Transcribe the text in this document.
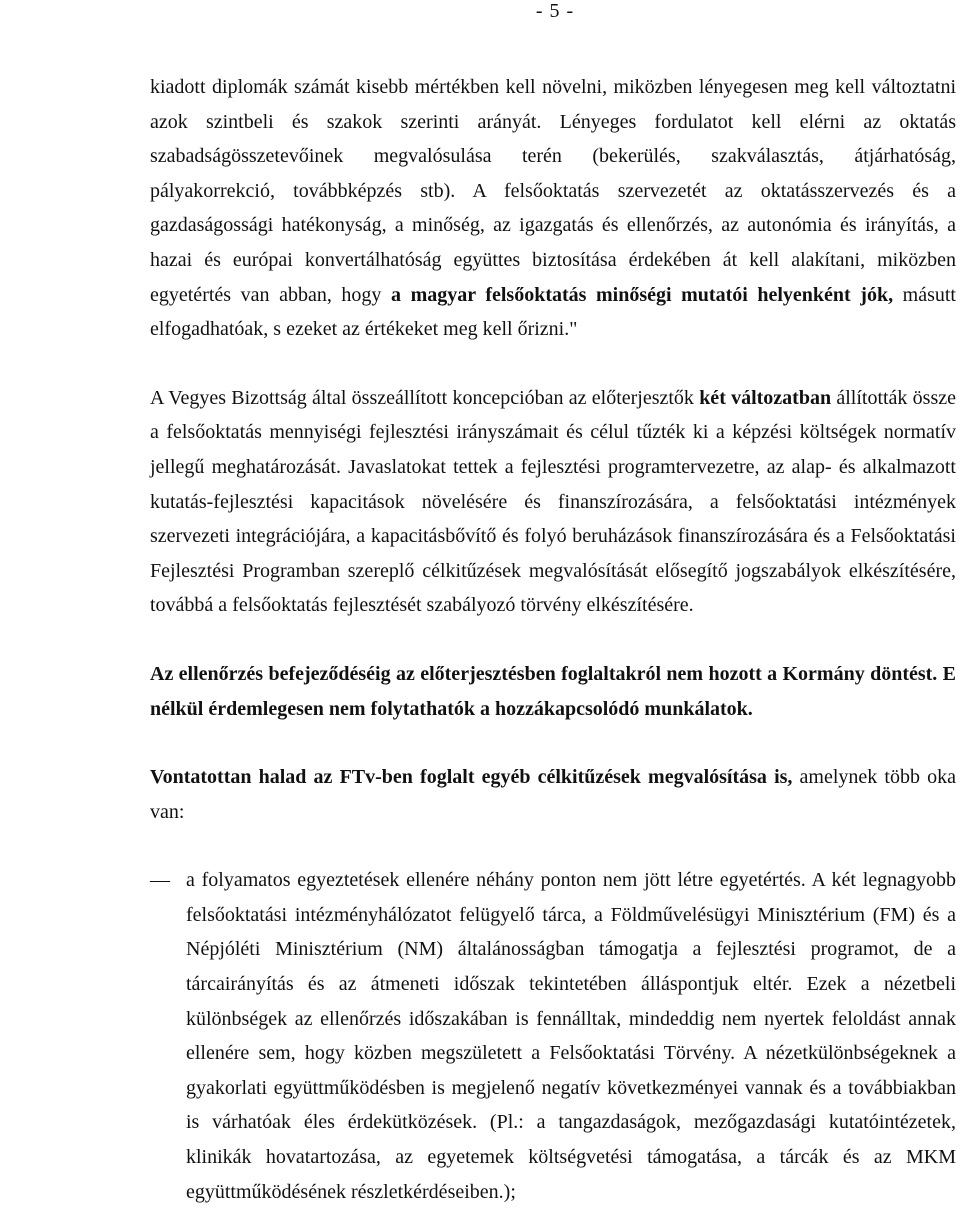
- 5 -

kiadott diplomák számát kisebb mértékben kell növelni, miközben lényegesen meg kell változtatni azok szintbeli és szakok szerinti arányát. Lényeges fordulatot kell elérni az oktatás szabadságösszetevőinek megvalósulása terén (bekerülés, szakválasztás, átjárhatóság, pályakorrekció, továbbképzés stb). A felsőoktatás szervezetét az oktatásszervezés és a gazdaságossági hatékonyság, a minőség, az igazgatás és ellenőrzés, az autonómia és irányítás, a hazai és európai konvertálhatóság együttes biztosítása érdekében át kell alakítani, miközben egyetértés van abban, hogy a magyar felsőoktatás minőségi mutatói helyenként jók, másutt elfogadhatóak, s ezeket az értékeket meg kell őrizni."

A Vegyes Bizottság által összeállított koncepcióban az előterjesztők két változatban állították össze a felsőoktatás mennyiségi fejlesztési irányszámait és célul tűzték ki a képzési költségek normatív jellegű meghatározását. Javaslatokat tettek a fejlesztési programtervezetre, az alap- és alkalmazott kutatás-fejlesztési kapacitások növelésére és finanszírozására, a felsőoktatási intézmények szervezeti integrációjára, a kapacitásbővítő és folyó beruházások finanszírozására és a Felsőoktatási Fejlesztési Programban szereplő célkitűzések megvalósítását elősegítő jogszabályok elkészítésére, továbbá a felsőoktatás fejlesztését szabályozó törvény elkészítésére.

Az ellenőrzés befejeződéséig az előterjesztésben foglaltakról nem hozott a Kormány döntést. E nélkül érdemlegesen nem folytathatók a hozzákapcsolódó munkálatok.

Vontatottan halad az FTv-ben foglalt egyéb célkitűzések megvalósítása is, amelynek több oka van:

— a folyamatos egyeztetések ellenére néhány ponton nem jött létre egyetértés. A két legnagyobb felsőoktatási intézményhálózatot felügyelő tárca, a Földművelésügyi Minisztérium (FM) és a Népjóléti Minisztérium (NM) általánosságban támogatja a fejlesztési programot, de a tárcairányítás és az átmeneti időszak tekintetében álláspontjuk eltér. Ezek a nézetbeli különbségek az ellenőrzés időszakában is fennálltak, mindeddig nem nyertek feloldást annak ellenére sem, hogy közben megszületett a Felsőoktatási Törvény. A nézetkülönbségeknek a gyakorlati együttműködésben is megjelenő negatív következményei vannak és a továbbiakban is várhatóak éles érdekütközések. (Pl.: a tangazdaságok, mezőgazdasági kutatóintézetek, klinikák hovatartozása, az egyetemek költségvetési támogatása, a tárcák és az MKM együttműködésének részletkérdéseiben.);
